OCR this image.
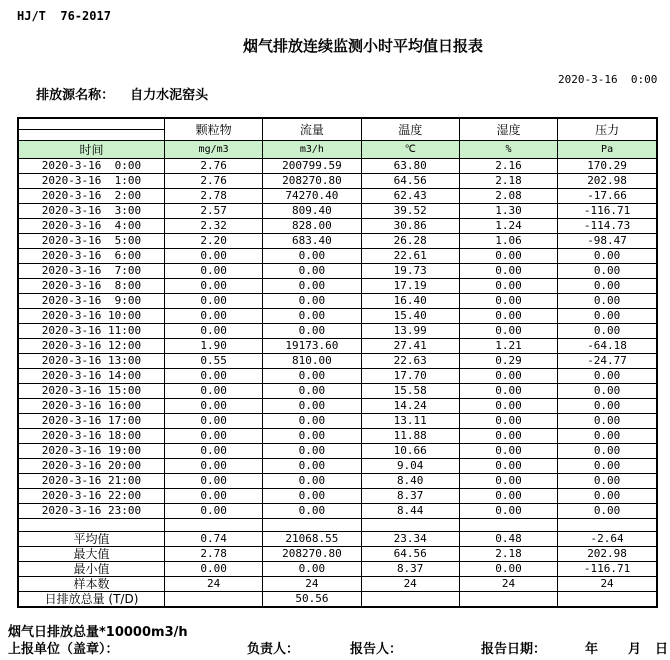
HJ/T  76-2017
烟气排放连续监测小时平均值日报表

排放源名称： 自力水泥窑头

2020-3-16  0:00
	颗粒物	流量	温度	湿度	压力

时间	mg/m3	m3/h	℃	%	Pa
2020-3-16  0:00	2.76	200799.59	63.80	2.16	170.29
2020-3-16  1:00	2.76	208270.80	64.56	2.18	202.98
2020-3-16  2:00	2.78	74270.40	62.43	2.08	-17.66
2020-3-16  3:00	2.57	809.40	39.52	1.30	-116.71
2020-3-16  4:00	2.32	828.00	30.86	1.24	-114.73
2020-3-16  5:00	2.20	683.40	26.28	1.06	-98.47
2020-3-16  6:00	0.00	0.00	22.61	0.00	0.00
2020-3-16  7:00	0.00	0.00	19.73	0.00	0.00
2020-3-16  8:00	0.00	0.00	17.19	0.00	0.00
2020-3-16  9:00	0.00	0.00	16.40	0.00	0.00
2020-3-16 10:00	0.00	0.00	15.40	0.00	0.00
2020-3-16 11:00	0.00	0.00	13.99	0.00	0.00
2020-3-16 12:00	1.90	19173.60	27.41	1.21	-64.18
2020-3-16 13:00	0.55	810.00	22.63	0.29	-24.77
2020-3-16 14:00	0.00	0.00	17.70	0.00	0.00
2020-3-16 15:00	0.00	0.00	15.58	0.00	0.00
2020-3-16 16:00	0.00	0.00	14.24	0.00	0.00
2020-3-16 17:00	0.00	0.00	13.11	0.00	0.00
2020-3-16 18:00	0.00	0.00	11.88	0.00	0.00
2020-3-16 19:00	0.00	0.00	10.66	0.00	0.00
2020-3-16 20:00	0.00	0.00	9.04	0.00	0.00
2020-3-16 21:00	0.00	0.00	8.40	0.00	0.00
2020-3-16 22:00	0.00	0.00	8.37	0.00	0.00
2020-3-16 23:00	0.00	0.00	8.44	0.00	0.00

平均值	0.74	21068.55	23.34	0.48	-2.64
最大值	2.78	208270.80	64.56	2.18	202.98
最小值	0.00	0.00	8.37	0.00	-116.71
样本数	24	24	24	24	24
日排放总量 (T/D)		50.56			
烟气日排放总量*10000m3/h
上报单位（盖章）：	负责人：	报告人：	报告日期：	年 月 日
